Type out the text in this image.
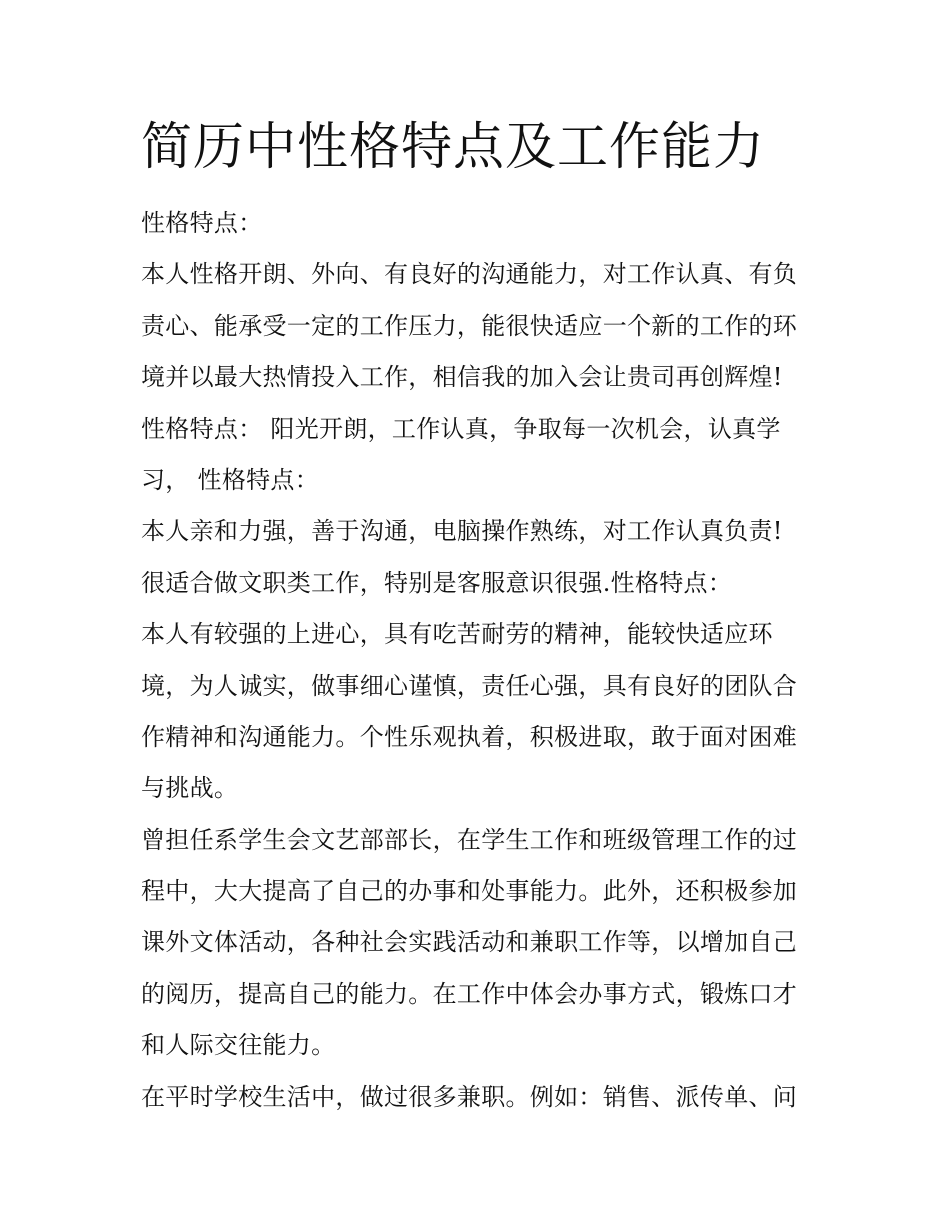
简历中性格特点及工作能力
性格特点：
本人性格开朗、外向、有良好的沟通能力，对工作认真、有负
责心、能承受一定的工作压力，能很快适应一个新的工作的环
境并以最大热情投入工作，相信我的加入会让贵司再创辉煌!
性格特点： 阳光开朗，工作认真，争取每一次机会，认真学
习， 性格特点：
本人亲和力强，善于沟通，电脑操作熟练，对工作认真负责!
很适合做文职类工作，特别是客服意识很强.性格特点：
本人有较强的上进心，具有吃苦耐劳的精神，能较快适应环
境，为人诚实，做事细心谨慎，责任心强，具有良好的团队合
作精神和沟通能力。个性乐观执着，积极进取，敢于面对困难
与挑战。
曾担任系学生会文艺部部长，在学生工作和班级管理工作的过
程中，大大提高了自己的办事和处事能力。此外，还积极参加
课外文体活动，各种社会实践活动和兼职工作等，以增加自己
的阅历，提高自己的能力。在工作中体会办事方式，锻炼口才
和人际交往能力。
在平时学校生活中，做过很多兼职。例如：销售、派传单、问
